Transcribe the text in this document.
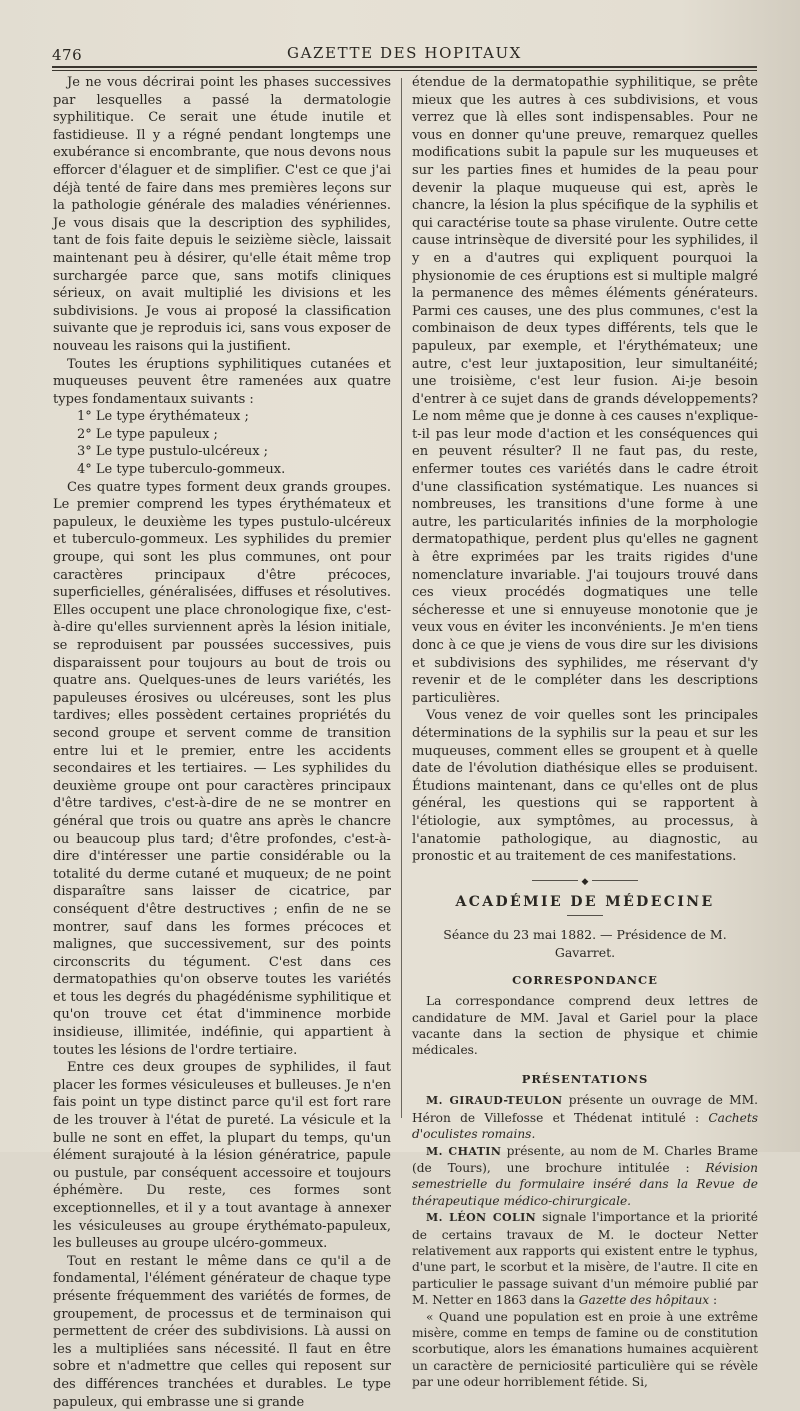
476	GAZETTE DES HOPITAUX

Je ne vous décrirai point les phases successives par lesquelles a passé la dermatologie syphilitique. Ce serait une étude inutile et fastidieuse. Il y a régné pendant longtemps une exubérance si encombrante, que nous devons nous efforcer d'élaguer et de simplifier. C'est ce que j'ai déjà tenté de faire dans mes premières leçons sur la pathologie générale des maladies vénériennes. Je vous disais que la description des syphilides, tant de fois faite depuis le seizième siècle, laissait maintenant peu à désirer, qu'elle était même trop surchargée parce que, sans motifs cliniques sérieux, on avait multiplié les divisions et les subdivisions. Je vous ai proposé la classification suivante que je reproduis ici, sans vous exposer de nouveau les raisons qui la justifient.

Toutes les éruptions syphilitiques cutanées et muqueuses peuvent être ramenées aux quatre types fondamentaux suivants :

1° Le type érythémateux ;

2° Le type papuleux ;

3° Le type pustulo-ulcéreux ;

4° Le type tuberculo-gommeux.

Ces quatre types forment deux grands groupes. Le premier comprend les types érythémateux et papuleux, le deuxième les types pustulo-ulcéreux et tuberculo-gommeux. Les syphilides du premier groupe, qui sont les plus communes, ont pour caractères principaux d'être précoces, superficielles, généralisées, diffuses et résolutives. Elles occupent une place chronologique fixe, c'est-à-dire qu'elles surviennent après la lésion initiale, se reproduisent par poussées successives, puis disparaissent pour toujours au bout de trois ou quatre ans. Quelques-unes de leurs variétés, les papuleuses érosives ou ulcéreuses, sont les plus tardives; elles possèdent certaines propriétés du second groupe et servent comme de transition entre lui et le premier, entre les accidents secondaires et les tertiaires. — Les syphilides du deuxième groupe ont pour caractères principaux d'être tardives, c'est-à-dire de ne se montrer en général que trois ou quatre ans après le chancre ou beaucoup plus tard; d'être profondes, c'est-à-dire d'intéresser une partie considérable ou la totalité du derme cutané et muqueux; de ne point disparaître sans laisser de cicatrice, par conséquent d'être destructives ; enfin de ne se montrer, sauf dans les formes précoces et malignes, que successivement, sur des points circonscrits du tégument. C'est dans ces dermatopathies qu'on observe toutes les variétés et tous les degrés du phagédénisme syphilitique et qu'on trouve cet état d'imminence morbide insidieuse, illimitée, indéfinie, qui appartient à toutes les lésions de l'ordre tertiaire.

Entre ces deux groupes de syphilides, il faut placer les formes vésiculeuses et bulleuses. Je n'en fais point un type distinct parce qu'il est fort rare de les trouver à l'état de pureté. La vésicule et la bulle ne sont en effet, la plupart du temps, qu'un élément surajouté à la lésion génératrice, papule ou pustule, par conséquent accessoire et toujours éphémère. Du reste, ces formes sont exceptionnelles, et il y a tout avantage à annexer les vésiculeuses au groupe érythémato-papuleux, les bulleuses au groupe ulcéro-gommeux.

Tout en restant le même dans ce qu'il a de fondamental, l'élément générateur de chaque type présente fréquemment des variétés de formes, de groupement, de processus et de terminaison qui permettent de créer des subdivisions. Là aussi on les a multipliées sans nécessité. Il faut en être sobre et n'admettre que celles qui reposent sur des différences tranchées et durables. Le type papuleux, qui embrasse une si grande

étendue de la dermatopathie syphilitique, se prête mieux que les autres à ces subdivisions, et vous verrez que là elles sont indispensables. Pour ne vous en donner qu'une preuve, remarquez quelles modifications subit la papule sur les muqueuses et sur les parties fines et humides de la peau pour devenir la plaque muqueuse qui est, après le chancre, la lésion la plus spécifique de la syphilis et qui caractérise toute sa phase virulente. Outre cette cause intrinsèque de diversité pour les syphilides, il y en a d'autres qui expliquent pourquoi la physionomie de ces éruptions est si multiple malgré la permanence des mêmes éléments générateurs. Parmi ces causes, une des plus communes, c'est la combinaison de deux types différents, tels que le papuleux, par exemple, et l'érythémateux; une autre, c'est leur juxtaposition, leur simultanéité; une troisième, c'est leur fusion. Ai-je besoin d'entrer à ce sujet dans de grands développements? Le nom même que je donne à ces causes n'explique-t-il pas leur mode d'action et les conséquences qui en peuvent résulter? Il ne faut pas, du reste, enfermer toutes ces variétés dans le cadre étroit d'une classification systématique. Les nuances si nombreuses, les transitions d'une forme à une autre, les particularités infinies de la morphologie dermatopathique, perdent plus qu'elles ne gagnent à être exprimées par les traits rigides d'une nomenclature invariable. J'ai toujours trouvé dans ces vieux procédés dogmatiques une telle sécheresse et une si ennuyeuse monotonie que je veux vous en éviter les inconvénients. Je m'en tiens donc à ce que je viens de vous dire sur les divisions et subdivisions des syphilides, me réservant d'y revenir et de le compléter dans les descriptions particulières.

Vous venez de voir quelles sont les principales déterminations de la syphilis sur la peau et sur les muqueuses, comment elles se groupent et à quelle date de l'évolution diathésique elles se produisent. Étudions maintenant, dans ce qu'elles ont de plus général, les questions qui se rapportent à l'étiologie, aux symptômes, au processus, à l'anatomie pathologique, au diagnostic, au pronostic et au traitement de ces manifestations.

◆
ACADÉMIE DE MÉDECINE
Séance du 23 mai 1882. — Présidence de M. Gavarret.
CORRESPONDANCE

La correspondance comprend deux lettres de candidature de MM. Javal et Gariel pour la place vacante dans la section de physique et chimie médicales.

PRÉSENTATIONS

M. GIRAUD-TEULON présente un ouvrage de MM. Héron de Villefosse et Thédenat intitulé : Cachets d'oculistes romains.

M. CHATIN présente, au nom de M. Charles Brame (de Tours), une brochure intitulée : Révision semestrielle du formulaire inséré dans la Revue de thérapeutique médico-chirurgicale.

M. LÉON COLIN signale l'importance et la priorité de certains travaux de M. le docteur Netter relativement aux rapports qui existent entre le typhus, d'une part, le scorbut et la misère, de l'autre. Il cite en particulier le passage suivant d'un mémoire publié par M. Netter en 1863 dans la Gazette des hôpitaux :

« Quand une population est en proie à une extrême misère, comme en temps de famine ou de constitution scorbutique, alors les émanations humaines acquièrent un caractère de perniciosité particulière qui se révèle par une odeur horriblement fétide. Si,
